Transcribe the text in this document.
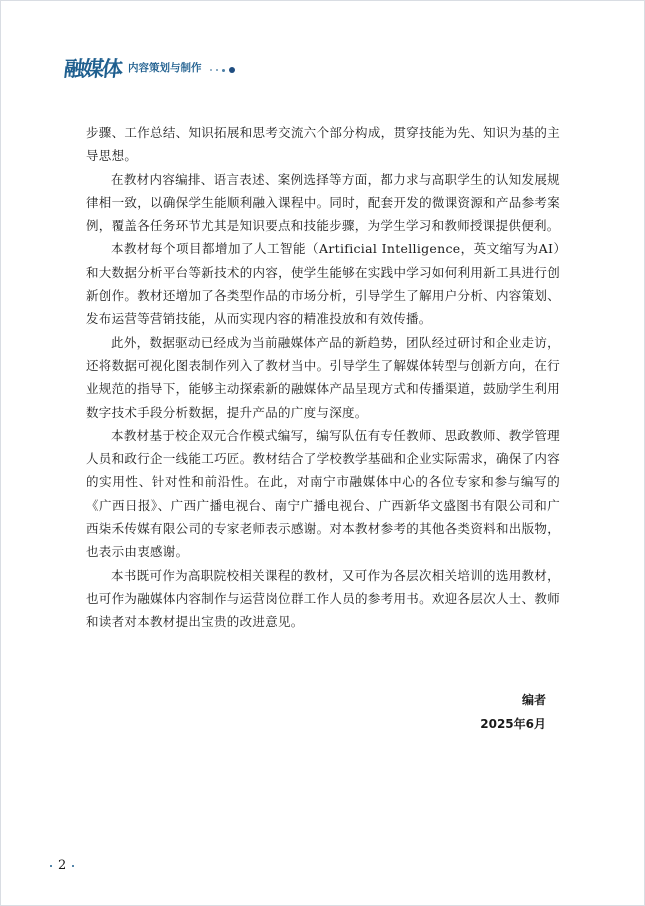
融媒体 内容策划与制作

步骤、工作总结、知识拓展和思考交流六个部分构成，贯穿技能为先、知识为基的主导思想。

在教材内容编排、语言表述、案例选择等方面，都力求与高职学生的认知发展规律相一致，以确保学生能顺利融入课程中。同时，配套开发的微课资源和产品参考案例，覆盖各任务环节尤其是知识要点和技能步骤，为学生学习和教师授课提供便利。

本教材每个项目都增加了人工智能（Artificial Intelligence，英文缩写为AI）和大数据分析平台等新技术的内容，使学生能够在实践中学习如何利用新工具进行创新创作。教材还增加了各类型作品的市场分析，引导学生了解用户分析、内容策划、发布运营等营销技能，从而实现内容的精准投放和有效传播。

此外，数据驱动已经成为当前融媒体产品的新趋势，团队经过研讨和企业走访，还将数据可视化图表制作列入了教材当中。引导学生了解媒体转型与创新方向，在行业规范的指导下，能够主动探索新的融媒体产品呈现方式和传播渠道，鼓励学生利用数字技术手段分析数据，提升产品的广度与深度。

本教材基于校企双元合作模式编写，编写队伍有专任教师、思政教师、教学管理人员和政行企一线能工巧匠。教材结合了学校教学基础和企业实际需求，确保了内容的实用性、针对性和前沿性。在此，对南宁市融媒体中心的各位专家和参与编写的《广西日报》、广西广播电视台、南宁广播电视台、广西新华文盛图书有限公司和广西柒禾传媒有限公司的专家老师表示感谢。对本教材参考的其他各类资料和出版物，也表示由衷感谢。

本书既可作为高职院校相关课程的教材，又可作为各层次相关培训的选用教材，也可作为融媒体内容制作与运营岗位群工作人员的参考用书。欢迎各层次人士、教师和读者对本教材提出宝贵的改进意见。

编者
2025年6月
2
